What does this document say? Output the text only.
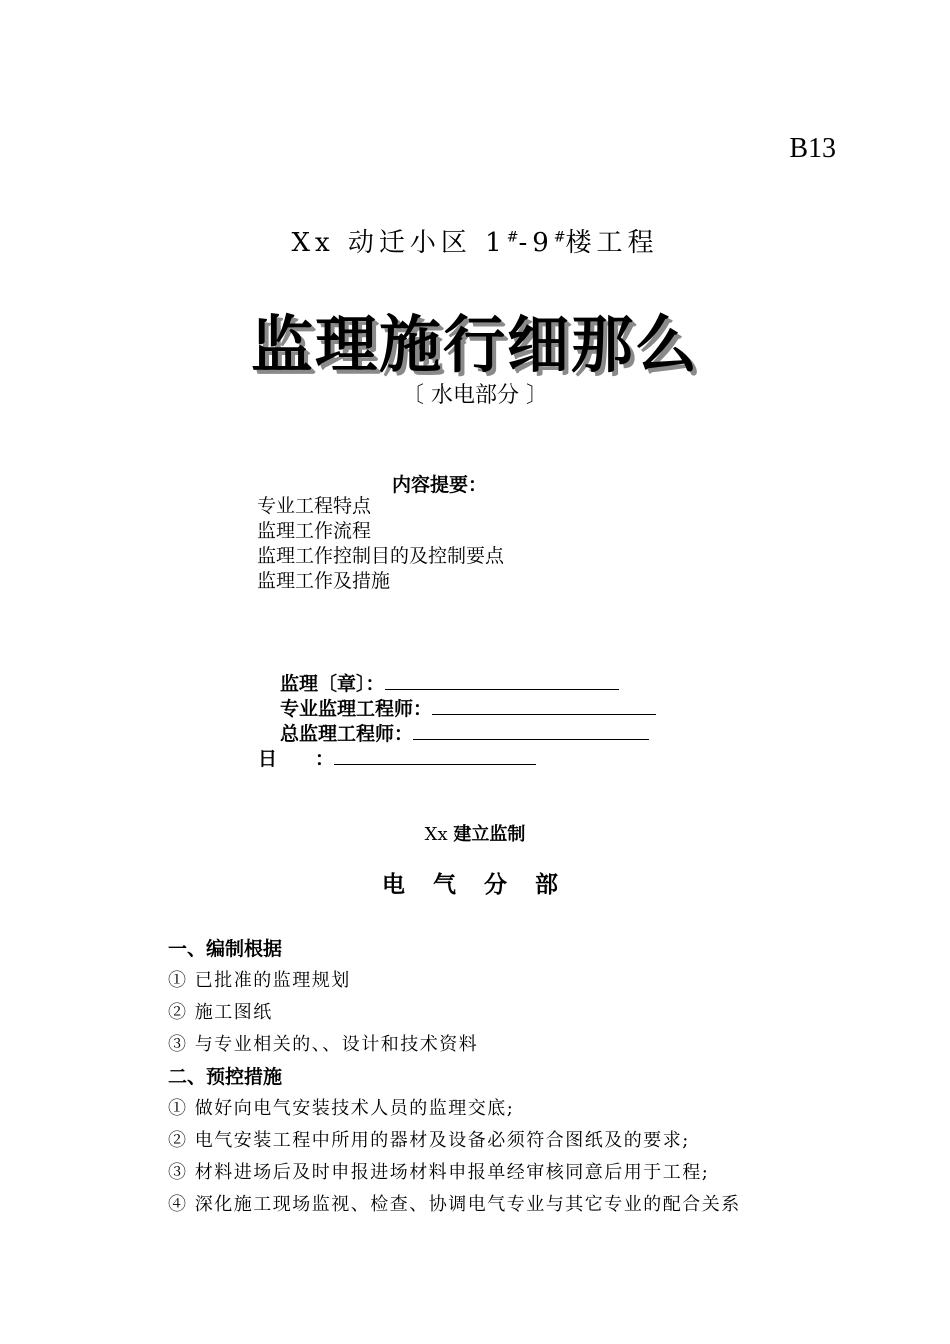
B13
Xx 动迁小区 1#-9#楼工程
监理施行细那么
〔 水电部分 〕
内容提要：
专业工程特点
监理工作流程
监理工作控制目的及控制要点
监理工作及措施
监理〔章〕：
专业监理工程师：
总监理工程师：
日　　：
Xx 建立监制
电 气 分 部
一、编制根据
① 已批准的监理规划
② 施工图纸
③ 与专业相关的、、设计和技术资料
二、预控措施
① 做好向电气安装技术人员的监理交底;
② 电气安装工程中所用的器材及设备必须符合图纸及的要求;
③ 材料进场后及时申报进场材料申报单经审核同意后用于工程;
④ 深化施工现场监视、检查、协调电气专业与其它专业的配合关系
